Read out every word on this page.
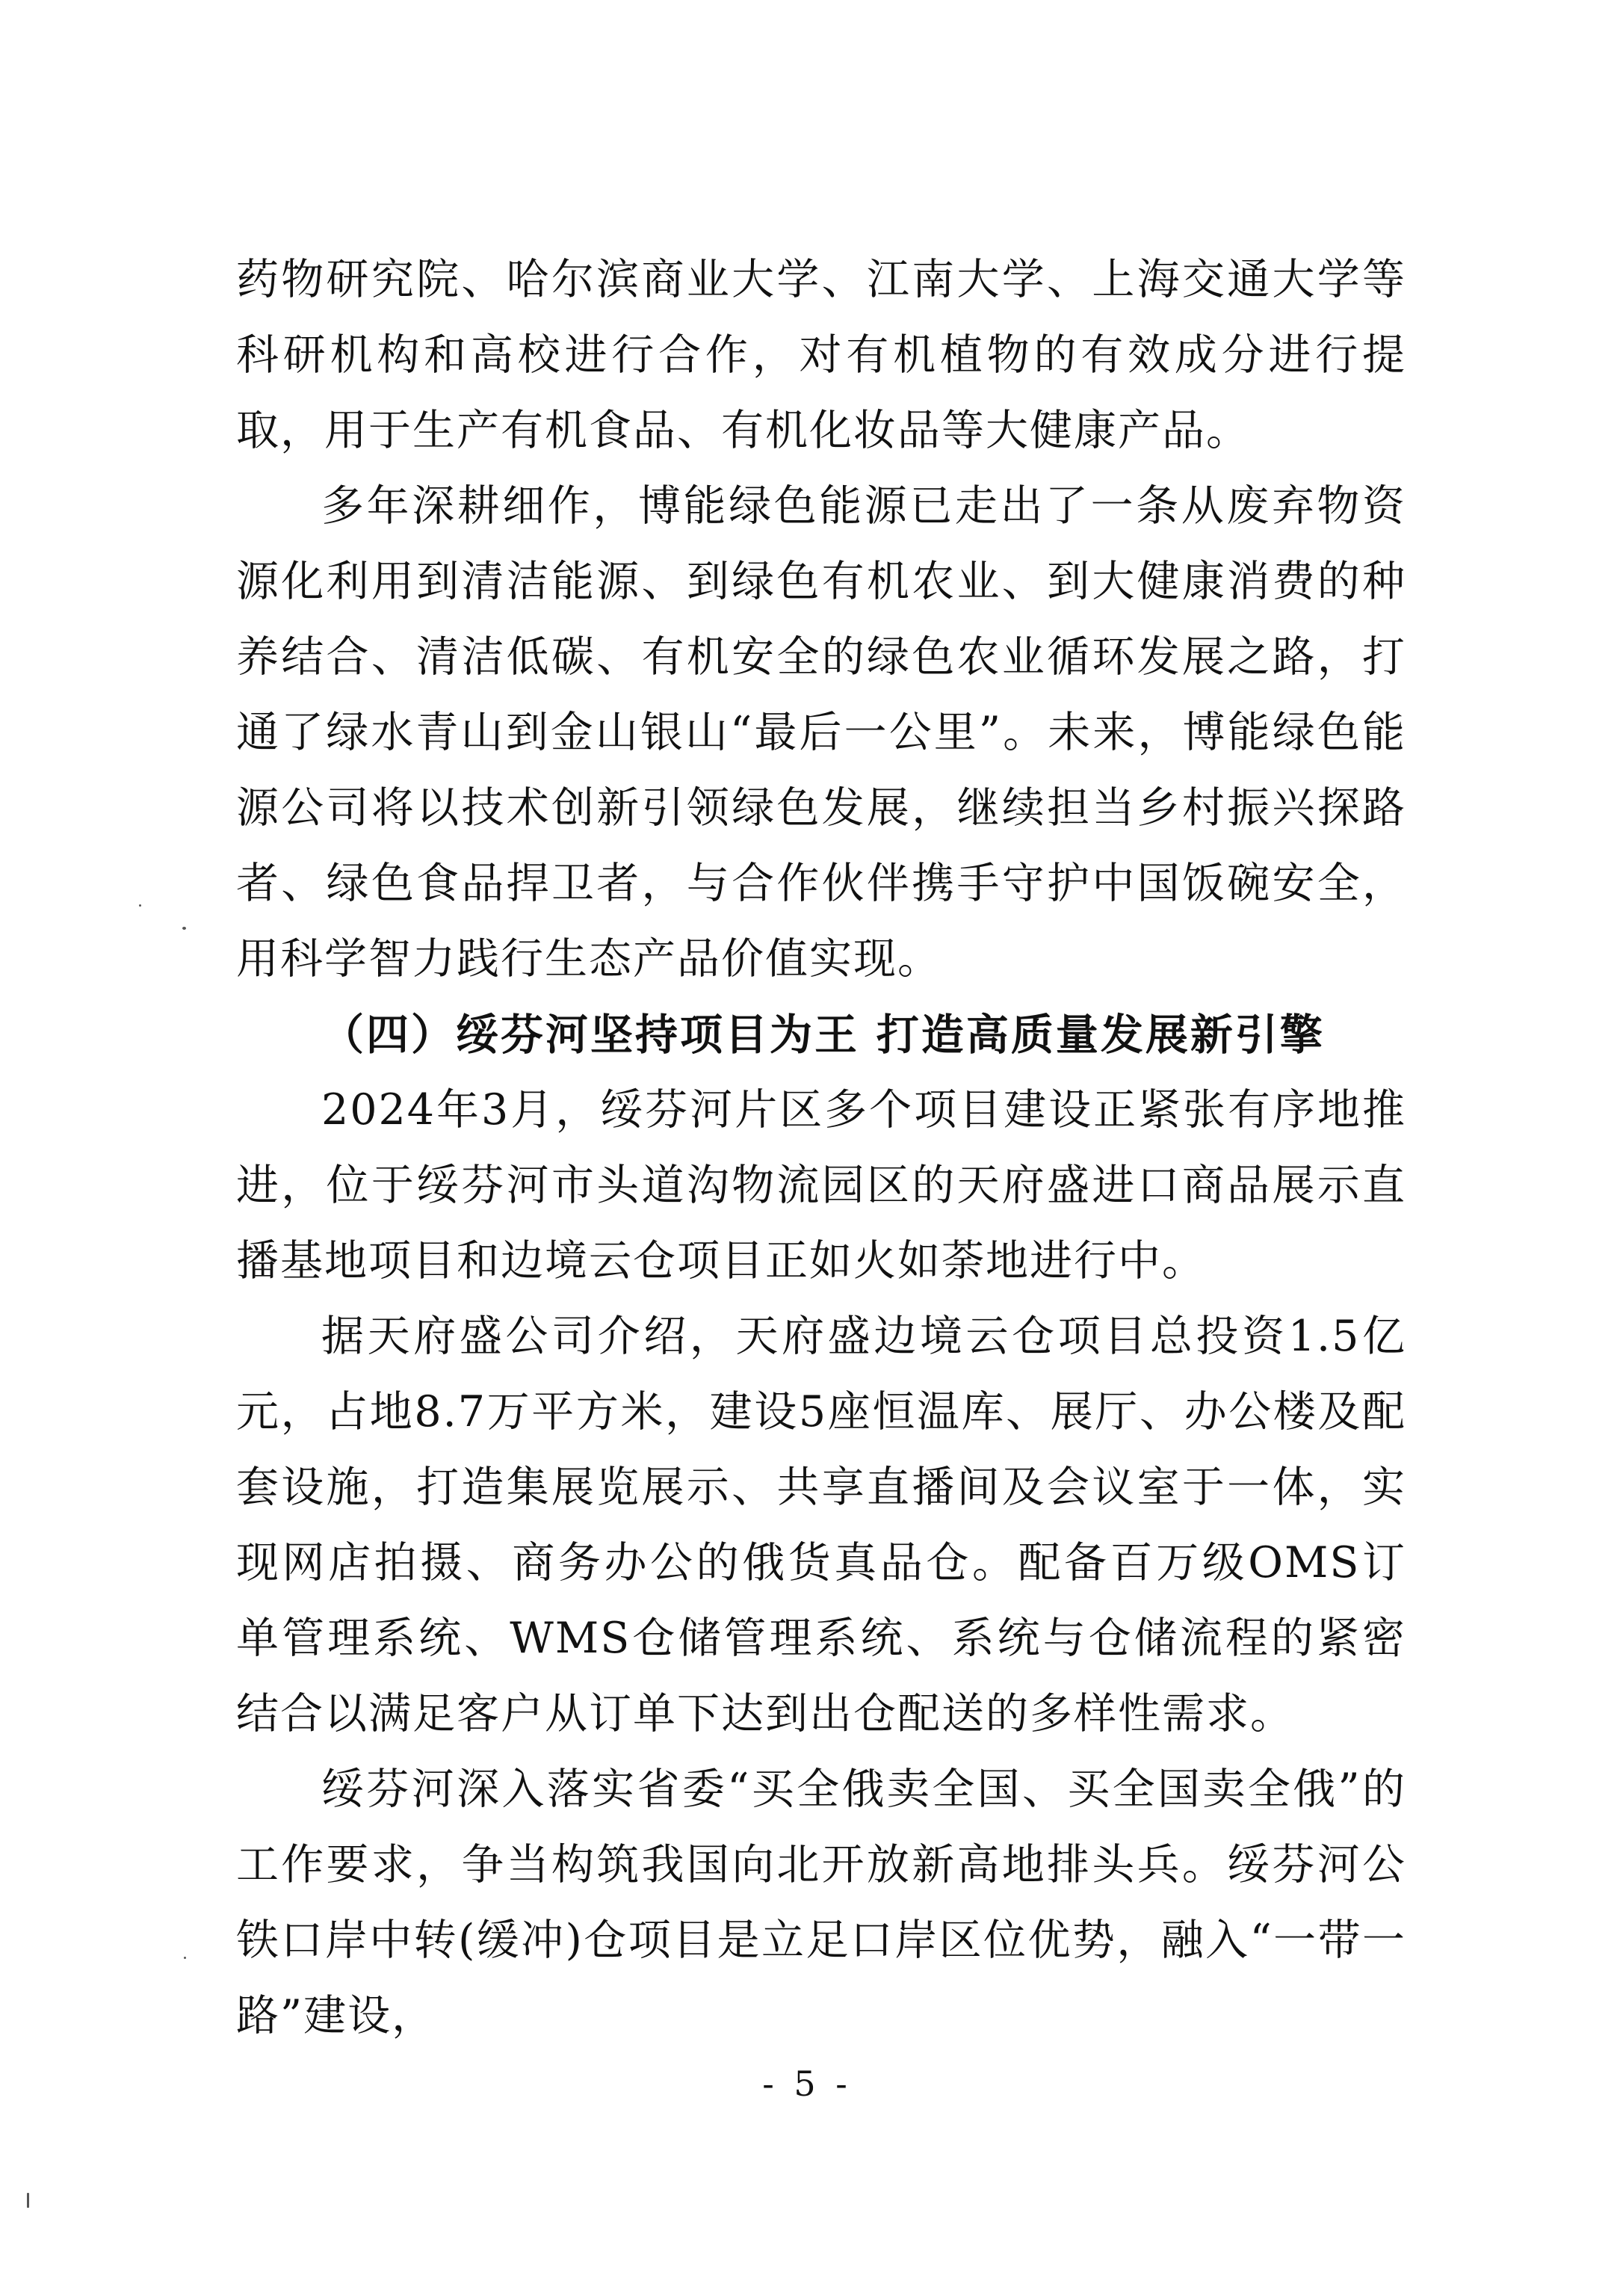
药物研究院、哈尔滨商业大学、江南大学、上海交通大学等科研机构和高校进行合作，对有机植物的有效成分进行提取，用于生产有机食品、有机化妆品等大健康产品。

多年深耕细作，博能绿色能源已走出了一条从废弃物资源化利用到清洁能源、到绿色有机农业、到大健康消费的种养结合、清洁低碳、有机安全的绿色农业循环发展之路，打通了绿水青山到金山银山“最后一公里”。未来，博能绿色能源公司将以技术创新引领绿色发展，继续担当乡村振兴探路者、绿色食品捍卫者，与合作伙伴携手守护中国饭碗安全，用科学智力践行生态产品价值实现。

（四）绥芬河坚持项目为王 打造高质量发展新引擎

2024年3月，绥芬河片区多个项目建设正紧张有序地推进，位于绥芬河市头道沟物流园区的天府盛进口商品展示直播基地项目和边境云仓项目正如火如荼地进行中。

据天府盛公司介绍，天府盛边境云仓项目总投资1.5亿元，占地8.7万平方米，建设5座恒温库、展厅、办公楼及配套设施，打造集展览展示、共享直播间及会议室于一体，实现网店拍摄、商务办公的俄货真品仓。配备百万级OMS订单管理系统、WMS仓储管理系统、系统与仓储流程的紧密结合以满足客户从订单下达到出仓配送的多样性需求。

绥芬河深入落实省委“买全俄卖全国、买全国卖全俄”的工作要求，争当构筑我国向北开放新高地排头兵。绥芬河公铁口岸中转(缓冲)仓项目是立足口岸区位优势，融入“一带一路”建设，

- 5 -
